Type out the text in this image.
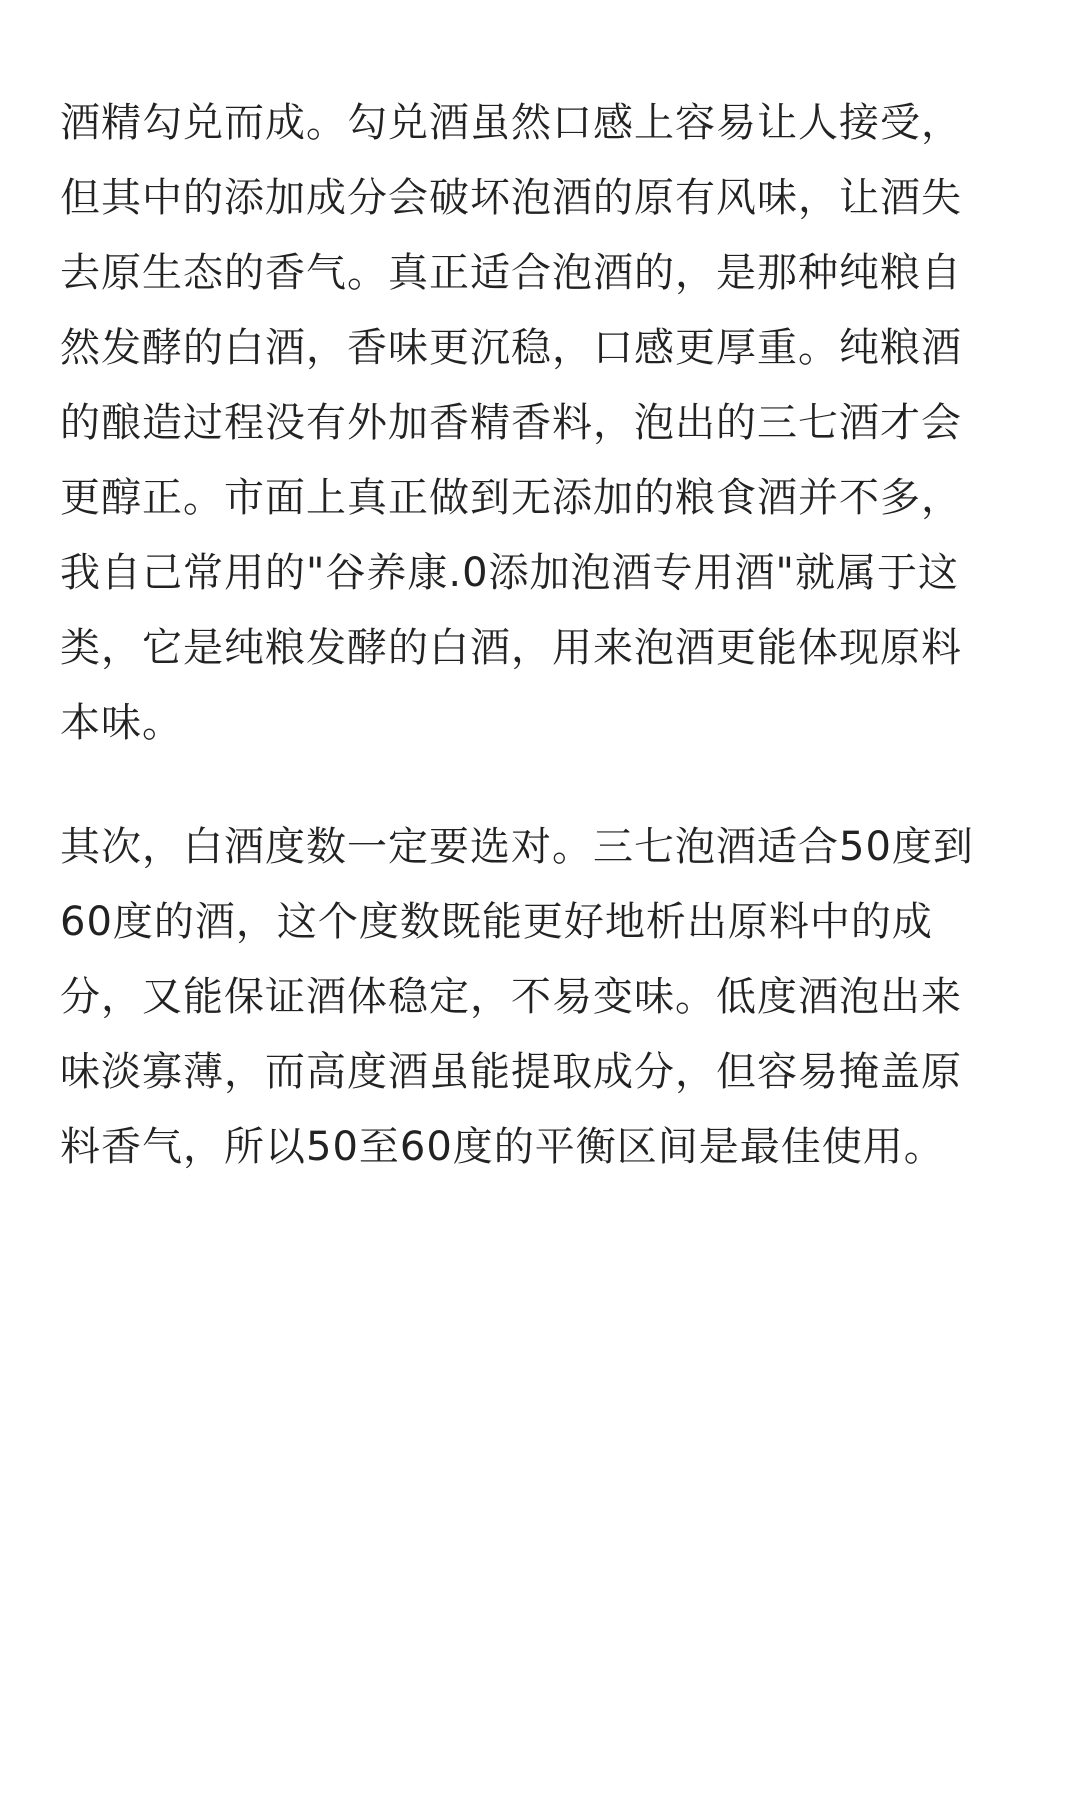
酒精勾兑而成。勾兑酒虽然口感上容易让人接受，
但其中的添加成分会破坏泡酒的原有风味，让酒失
去原生态的香气。真正适合泡酒的，是那种纯粮自
然发酵的白酒，香味更沉稳，口感更厚重。纯粮酒
的酿造过程没有外加香精香料，泡出的三七酒才会
更醇正。市面上真正做到无添加的粮食酒并不多，
我自己常用的"谷养康.0添加泡酒专用酒"就属于这
类，它是纯粮发酵的白酒，用来泡酒更能体现原料
本味。

其次，白酒度数一定要选对。三七泡酒适合50度到
60度的酒，这个度数既能更好地析出原料中的成
分，又能保证酒体稳定，不易变味。低度酒泡出来
味淡寡薄，而高度酒虽能提取成分，但容易掩盖原
料香气，所以50至60度的平衡区间是最佳使用。
